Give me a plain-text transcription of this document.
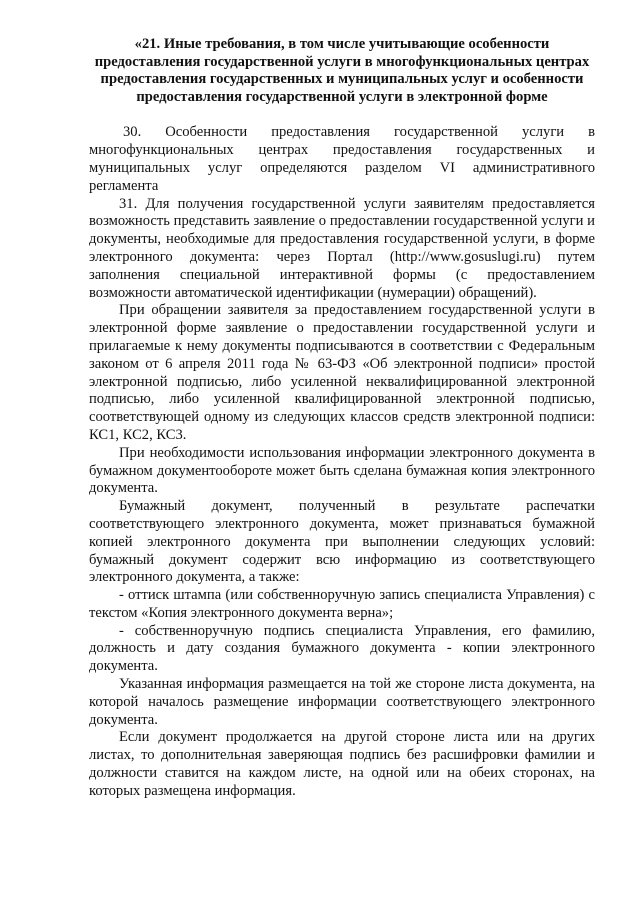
«21. Иные требования, в том числе учитывающие особенности предоставления государственной услуги в многофункциональных центрах предоставления государственных и муниципальных услуг и особенности предоставления государственной услуги в электронной форме

30. Особенности предоставления государственной услуги в многофункциональных центрах предоставления государственных и муниципальных услуг определяются разделом VI административного регламента

31. Для получения государственной услуги заявителям предоставляется возможность представить заявление о предоставлении государственной услуги и документы, необходимые для предоставления государственной услуги, в форме электронного документа: через Портал (http://www.gosuslugi.ru) путем заполнения специальной интерактивной формы (с предоставлением возможности автоматической идентификации (нумерации) обращений).

При обращении заявителя за предоставлением государственной услуги в электронной форме заявление о предоставлении государственной услуги и прилагаемые к нему документы подписываются в соответствии с Федеральным законом от 6 апреля 2011 года № 63-ФЗ «Об электронной подписи» простой электронной подписью, либо усиленной неквалифицированной электронной подписью, либо усиленной квалифицированной электронной подписью, соответствующей одному из следующих классов средств электронной подписи: КС1, КС2, КС3.

При необходимости использования информации электронного документа в бумажном документообороте может быть сделана бумажная копия электронного документа.

Бумажный документ, полученный в результате распечатки соответствующего электронного документа, может признаваться бумажной копией электронного документа при выполнении следующих условий: бумажный документ содержит всю информацию из соответствующего электронного документа, а также:

- оттиск штампа (или собственноручную запись специалиста Управления) с текстом «Копия электронного документа верна»;

- собственноручную подпись специалиста Управления, его фамилию, должность и дату создания бумажного документа - копии электронного документа.

Указанная информация размещается на той же стороне листа документа, на которой началось размещение информации соответствующего электронного документа.

Если документ продолжается на другой стороне листа или на других листах, то дополнительная заверяющая подпись без расшифровки фамилии и должности ставится на каждом листе, на одной или на обеих сторонах, на которых размещена информация.
